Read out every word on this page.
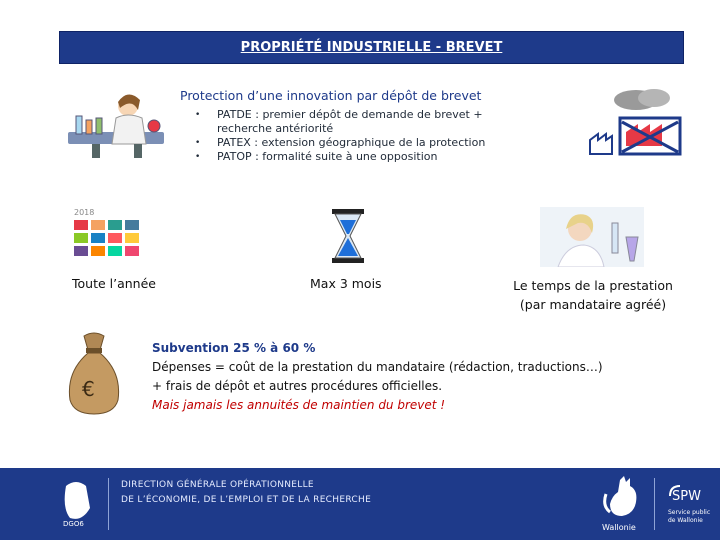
PROPRIÉTÉ INDUSTRIELLE - BREVET
Protection d’une innovation par dépôt de brevet
• PATDE : premier dépôt de demande de brevet + recherche antériorité
• PATEX : extension géographique de la protection
• PATOP : formalité suite à une opposition
2018
Toute l’année	Max 3 mois	Le temps de la prestation
(par mandataire agréé)
€
Subvention 25 % à 60 %
Dépenses = coût de la prestation du mandataire (rédaction, traductions…)
+ frais de dépôt et autres procédures officielles.
Mais jamais les annuités de maintien du brevet !
DGO6
DIRECTION GÉNÉRALE OPÉRATIONNELLE
DE L’ÉCONOMIE, DE L’EMPLOI ET DE LA RECHERCHE
Wallonie
SPW
Service public
de Wallonie
